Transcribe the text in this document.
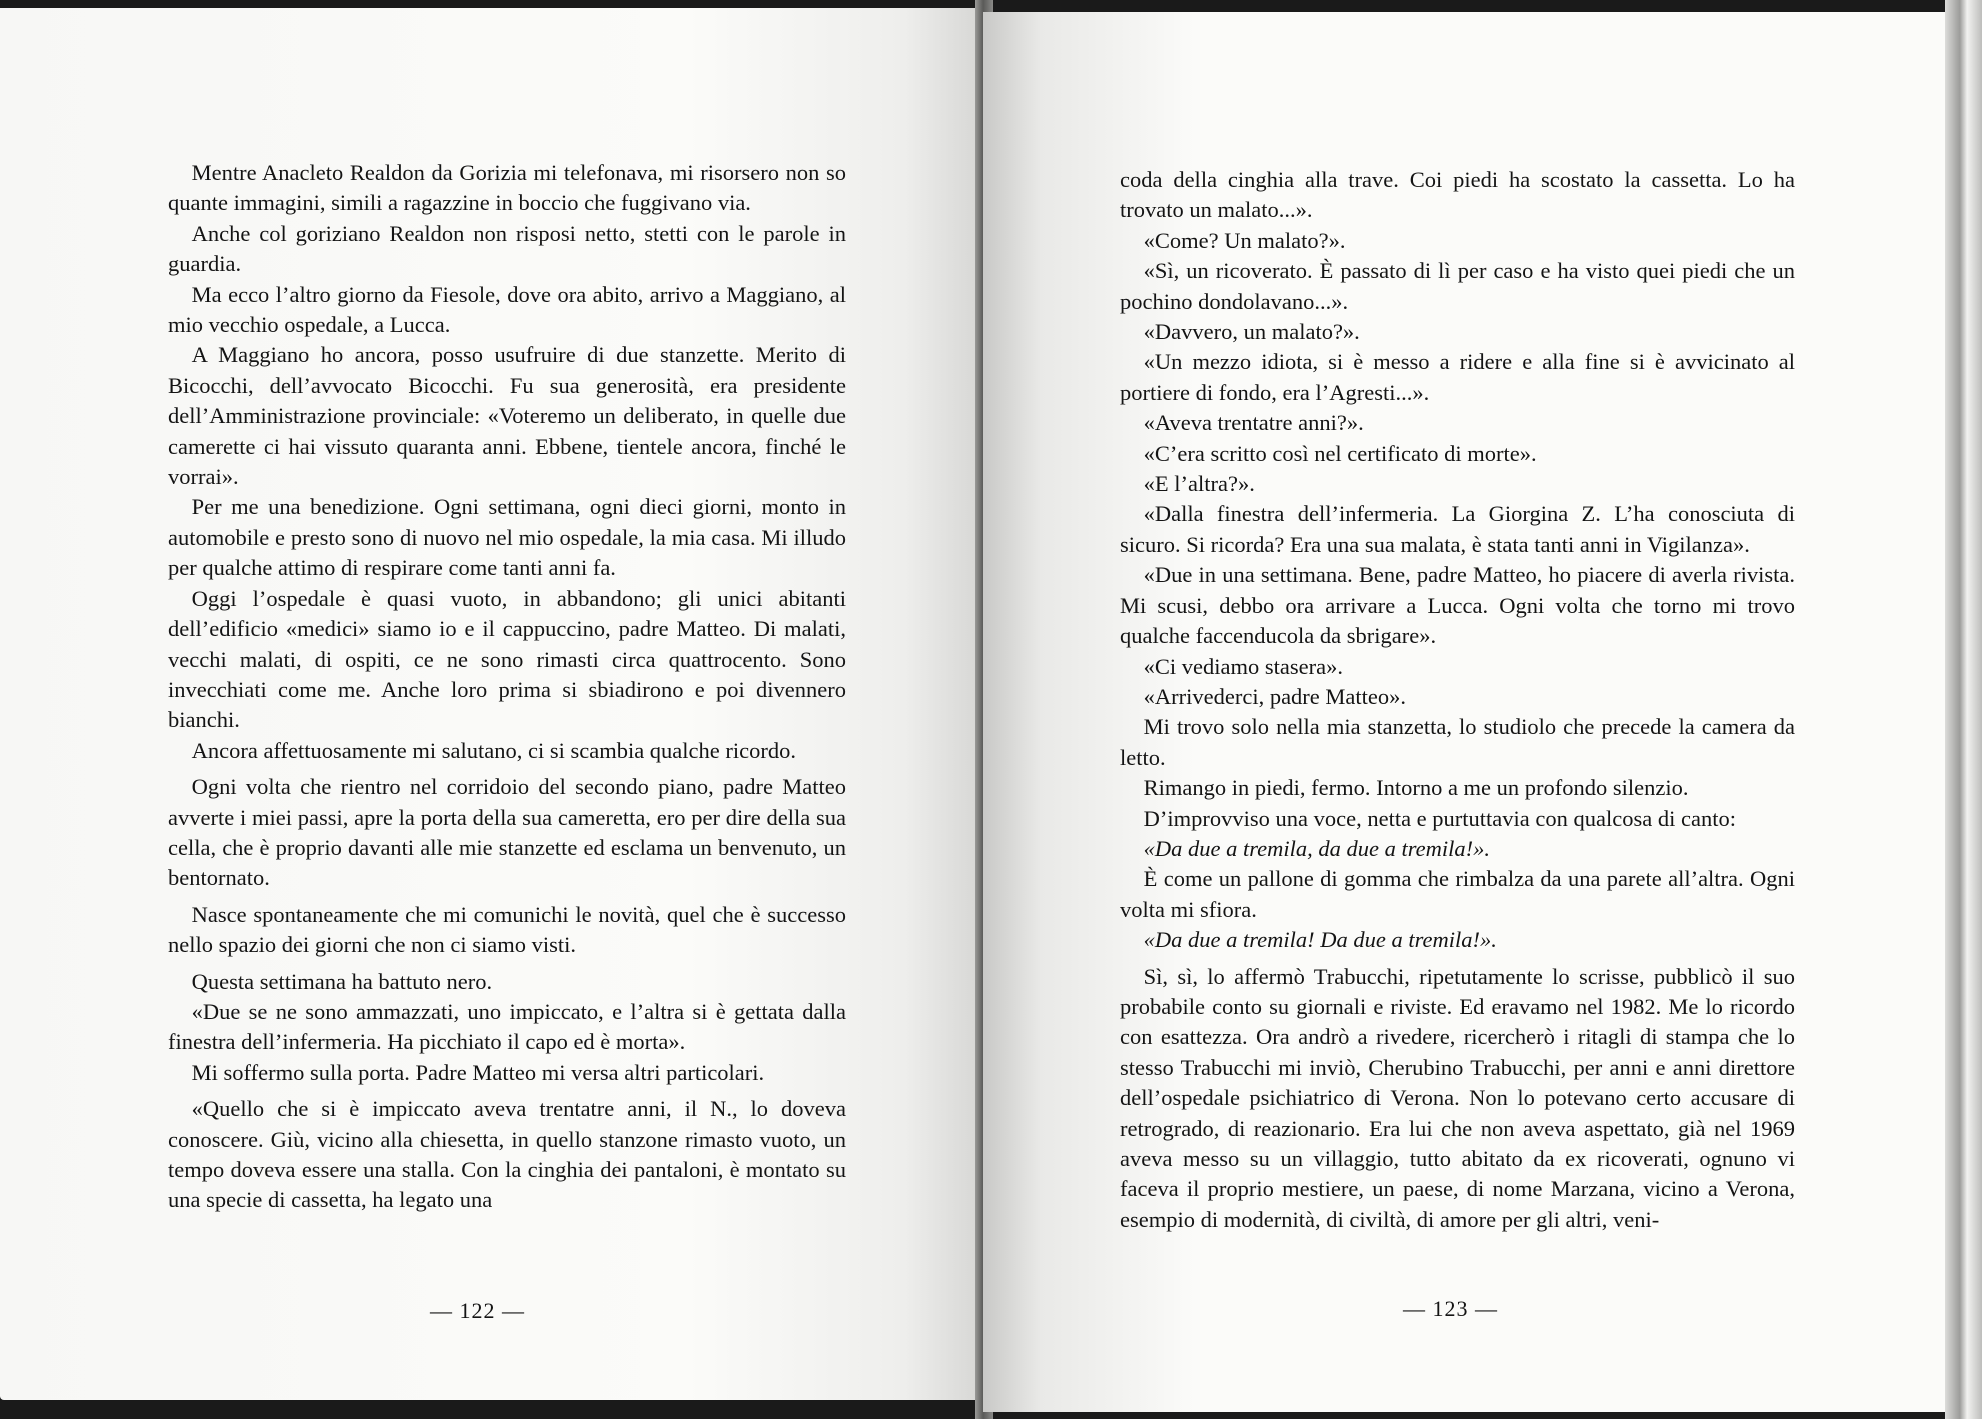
Mentre Anacleto Realdon da Gorizia mi telefonava, mi risorsero non so quante immagini, simili a ragazzine in boccio che fuggivano via.

Anche col goriziano Realdon non risposi netto, stetti con le parole in guardia.

Ma ecco l’altro giorno da Fiesole, dove ora abito, arrivo a Maggiano, al mio vecchio ospedale, a Lucca.

A Maggiano ho ancora, posso usufruire di due stanzette. Merito di Bicocchi, dell’avvocato Bicocchi. Fu sua generosità, era presidente dell’Amministrazione provinciale: «Voteremo un deliberato, in quelle due camerette ci hai vissuto quaranta anni. Ebbene, tientele ancora, finché le vorrai».

Per me una benedizione. Ogni settimana, ogni dieci giorni, monto in automobile e presto sono di nuovo nel mio ospedale, la mia casa. Mi illudo per qualche attimo di respirare come tanti anni fa.

Oggi l’ospedale è quasi vuoto, in abbandono; gli unici abitanti dell’edificio «medici» siamo io e il cappuccino, padre Matteo. Di malati, vecchi malati, di ospiti, ce ne sono rimasti circa quattrocento. Sono invecchiati come me. Anche loro prima si sbiadirono e poi divennero bianchi.

Ancora affettuosamente mi salutano, ci si scambia qualche ricordo.

Ogni volta che rientro nel corridoio del secondo piano, padre Matteo avverte i miei passi, apre la porta della sua cameretta, ero per dire della sua cella, che è proprio davanti alle mie stanzette ed esclama un benvenuto, un bentornato.

Nasce spontaneamente che mi comunichi le novità, quel che è successo nello spazio dei giorni che non ci siamo visti.

Questa settimana ha battuto nero.

«Due se ne sono ammazzati, uno impiccato, e l’altra si è gettata dalla finestra dell’infermeria. Ha picchiato il capo ed è morta».

Mi soffermo sulla porta. Padre Matteo mi versa altri particolari.

«Quello che si è impiccato aveva trentatre anni, il N., lo doveva conoscere. Giù, vicino alla chiesetta, in quello stanzone rimasto vuoto, un tempo doveva essere una stalla. Con la cinghia dei pantaloni, è montato su una specie di cassetta, ha legato una

— 122 —

coda della cinghia alla trave. Coi piedi ha scostato la cassetta. Lo ha trovato un malato...».

«Come? Un malato?».

«Sì, un ricoverato. È passato di lì per caso e ha visto quei piedi che un pochino dondolavano...».

«Davvero, un malato?».

«Un mezzo idiota, si è messo a ridere e alla fine si è avvicinato al portiere di fondo, era l’Agresti...».

«Aveva trentatre anni?».

«C’era scritto così nel certificato di morte».

«E l’altra?».

«Dalla finestra dell’infermeria. La Giorgina Z. L’ha conosciuta di sicuro. Si ricorda? Era una sua malata, è stata tanti anni in Vigilanza».

«Due in una settimana. Bene, padre Matteo, ho piacere di averla rivista. Mi scusi, debbo ora arrivare a Lucca. Ogni volta che torno mi trovo qualche faccenducola da sbrigare».

«Ci vediamo stasera».

«Arrivederci, padre Matteo».

Mi trovo solo nella mia stanzetta, lo studiolo che precede la camera da letto.

Rimango in piedi, fermo. Intorno a me un profondo silenzio.

D’improvviso una voce, netta e purtuttavia con qualcosa di canto:

«Da due a tremila, da due a tremila!».

È come un pallone di gomma che rimbalza da una parete all’altra. Ogni volta mi sfiora.

«Da due a tremila! Da due a tremila!».

Sì, sì, lo affermò Trabucchi, ripetutamente lo scrisse, pubblicò il suo probabile conto su giornali e riviste. Ed eravamo nel 1982. Me lo ricordo con esattezza. Ora andrò a rivedere, ricercherò i ritagli di stampa che lo stesso Trabucchi mi inviò, Cherubino Trabucchi, per anni e anni direttore dell’ospedale psichiatrico di Verona. Non lo potevano certo accusare di retrogrado, di reazionario. Era lui che non aveva aspettato, già nel 1969 aveva messo su un villaggio, tutto abitato da ex ricoverati, ognuno vi faceva il proprio mestiere, un paese, di nome Marzana, vicino a Verona, esempio di modernità, di civiltà, di amore per gli altri, veni-

— 123 —
